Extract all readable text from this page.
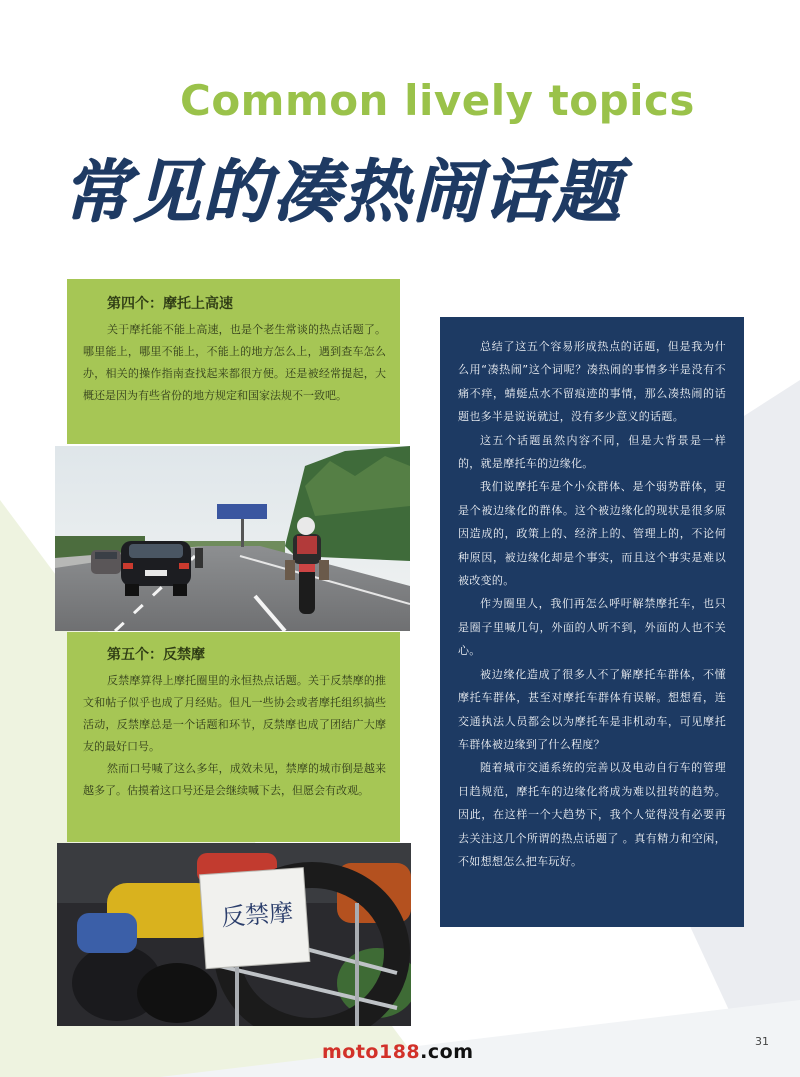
Common lively topics
常见的凑热闹话题
第四个：摩托上高速

关于摩托能不能上高速，也是个老生常谈的热点话题了。哪里能上，哪里不能上，不能上的地方怎么上，遇到查车怎么办，相关的操作指南查找起来都很方便。还是被经常提起，大概还是因为有些省份的地方规定和国家法规不一致吧。

第五个：反禁摩

反禁摩算得上摩托圈里的永恒热点话题。关于反禁摩的推文和帖子似乎也成了月经贴。但凡一些协会或者摩托组织搞些活动，反禁摩总是一个话题和环节，反禁摩也成了团结广大摩友的最好口号。

然而口号喊了这么多年，成效未见，禁摩的城市倒是越来越多了。估摸着这口号还是会继续喊下去，但愿会有改观。

反禁摩

总结了这五个容易形成热点的话题，但是我为什么用“凑热闹”这个词呢？凑热闹的事情多半是没有不痛不痒，蜻蜓点水不留痕迹的事情，那么凑热闹的话题也多半是说说就过，没有多少意义的话题。

这五个话题虽然内容不同，但是大背景是一样的，就是摩托车的边缘化。

我们说摩托车是个小众群体、是个弱势群体，更是个被边缘化的群体。这个被边缘化的现状是很多原因造成的，政策上的、经济上的、管理上的，不论何种原因，被边缘化却是个事实，而且这个事实是难以被改变的。

作为圈里人，我们再怎么呼吁解禁摩托车，也只是圈子里喊几句，外面的人听不到，外面的人也不关心。

被边缘化造成了很多人不了解摩托车群体，不懂摩托车群体，甚至对摩托车群体有误解。想想看，连交通执法人员都会以为摩托车是非机动车，可见摩托车群体被边缘到了什么程度？

随着城市交通系统的完善以及电动自行车的管理日趋规范，摩托车的边缘化将成为难以扭转的趋势。因此，在这样一个大趋势下，我个人觉得没有必要再去关注这几个所谓的热点话题了 。真有精力和空闲，不如想想怎么把车玩好。

31
moto188.com
